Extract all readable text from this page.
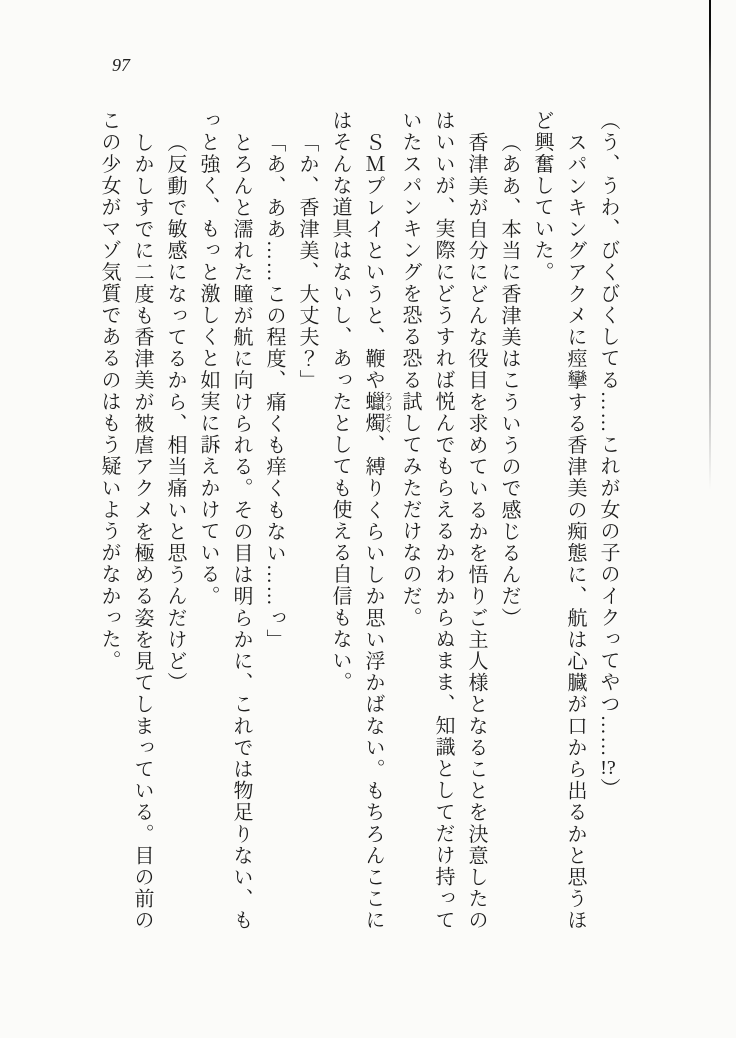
97

（う、うわ、びくびくしてる……これが女の子のイクってやつ……!?）

スパンキングアクメに痙攣する香津美の痴態に、航は心臓が口から出るかと思うほ

ど興奮していた。

（ああ、本当に香津美はこういうので感じるんだ）

香津美が自分にどんな役目を求めているかを悟りご主人様となることを決意したの

はいいが、実際にどうすれば悦んでもらえるかわからぬまま、知識としてだけ持って

いたスパンキングを恐る恐る試してみただけなのだ。

ＳＭプレイというと、鞭や蠟燭 ろうそく、縛りくらいしか思い浮かばない。もちろんここに

はそんな道具はないし、あったとしても使える自信もない。

「か、香津美、大丈夫？」

「あ、ああ……この程度、痛くも痒くもない……っ」

とろんと濡れた瞳が航に向けられる。その目は明らかに、これでは物足りない、も

っと強く、もっと激しくと如実に訴えかけている。

（反動で敏感になってるから、相当痛いと思うんだけど）

しかしすでに二度も香津美が被虐アクメを極める姿を見てしまっている。目の前の

この少女がマゾ気質であるのはもう疑いようがなかった。
